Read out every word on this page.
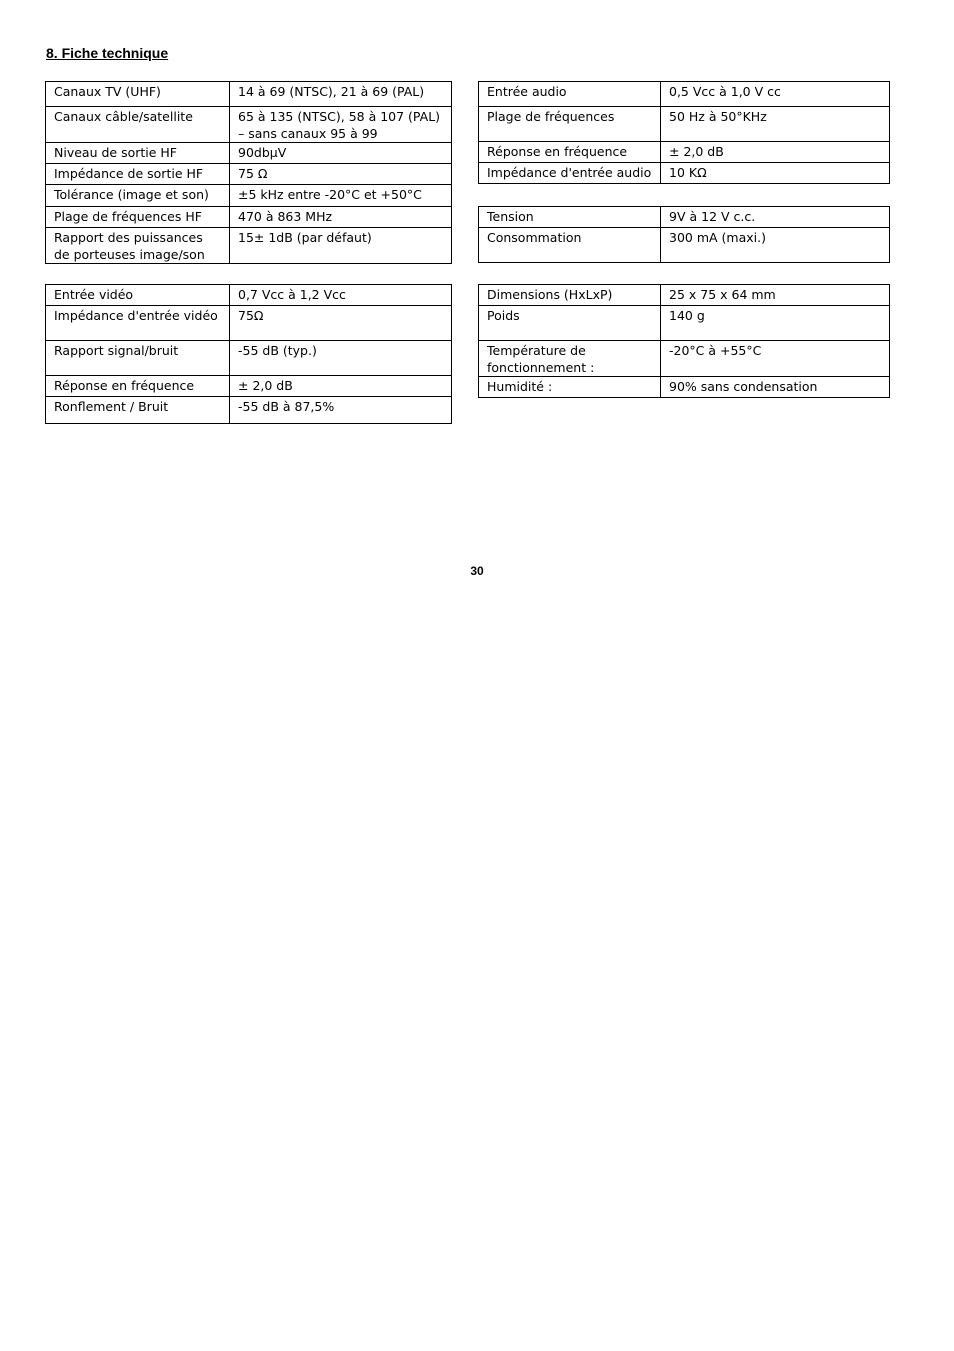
8. Fiche technique
Canaux TV (UHF)	14 à 69 (NTSC), 21 à 69 (PAL)
Canaux câble/satellite	65 à 135 (NTSC), 58 à 107 (PAL) – sans canaux 95 à 99
Niveau de sortie HF	90dbµV
Impédance de sortie HF	75 Ω
Tolérance (image et son)	±5 kHz entre -20°C et +50°C
Plage de fréquences HF	470 à 863 MHz
Rapport des puissances de porteuses image/son	15± 1dB (par défaut)
Entrée vidéo	0,7 Vcc à 1,2 Vcc
Impédance d'entrée vidéo	75Ω
Rapport signal/bruit	-55 dB (typ.)
Réponse en fréquence	± 2,0 dB
Ronflement / Bruit	-55 dB à 87,5%
Entrée audio	0,5 Vcc à 1,0 V cc
Plage de fréquences	50 Hz à 50°KHz
Réponse en fréquence	± 2,0 dB
Impédance d'entrée audio	10 KΩ
Tension	9V à 12 V c.c.
Consommation	300 mA (maxi.)
Dimensions (HxLxP)	25 x 75 x 64 mm
Poids	140 g
Température de fonctionnement :	-20°C à +55°C
Humidité :	90% sans condensation
30
